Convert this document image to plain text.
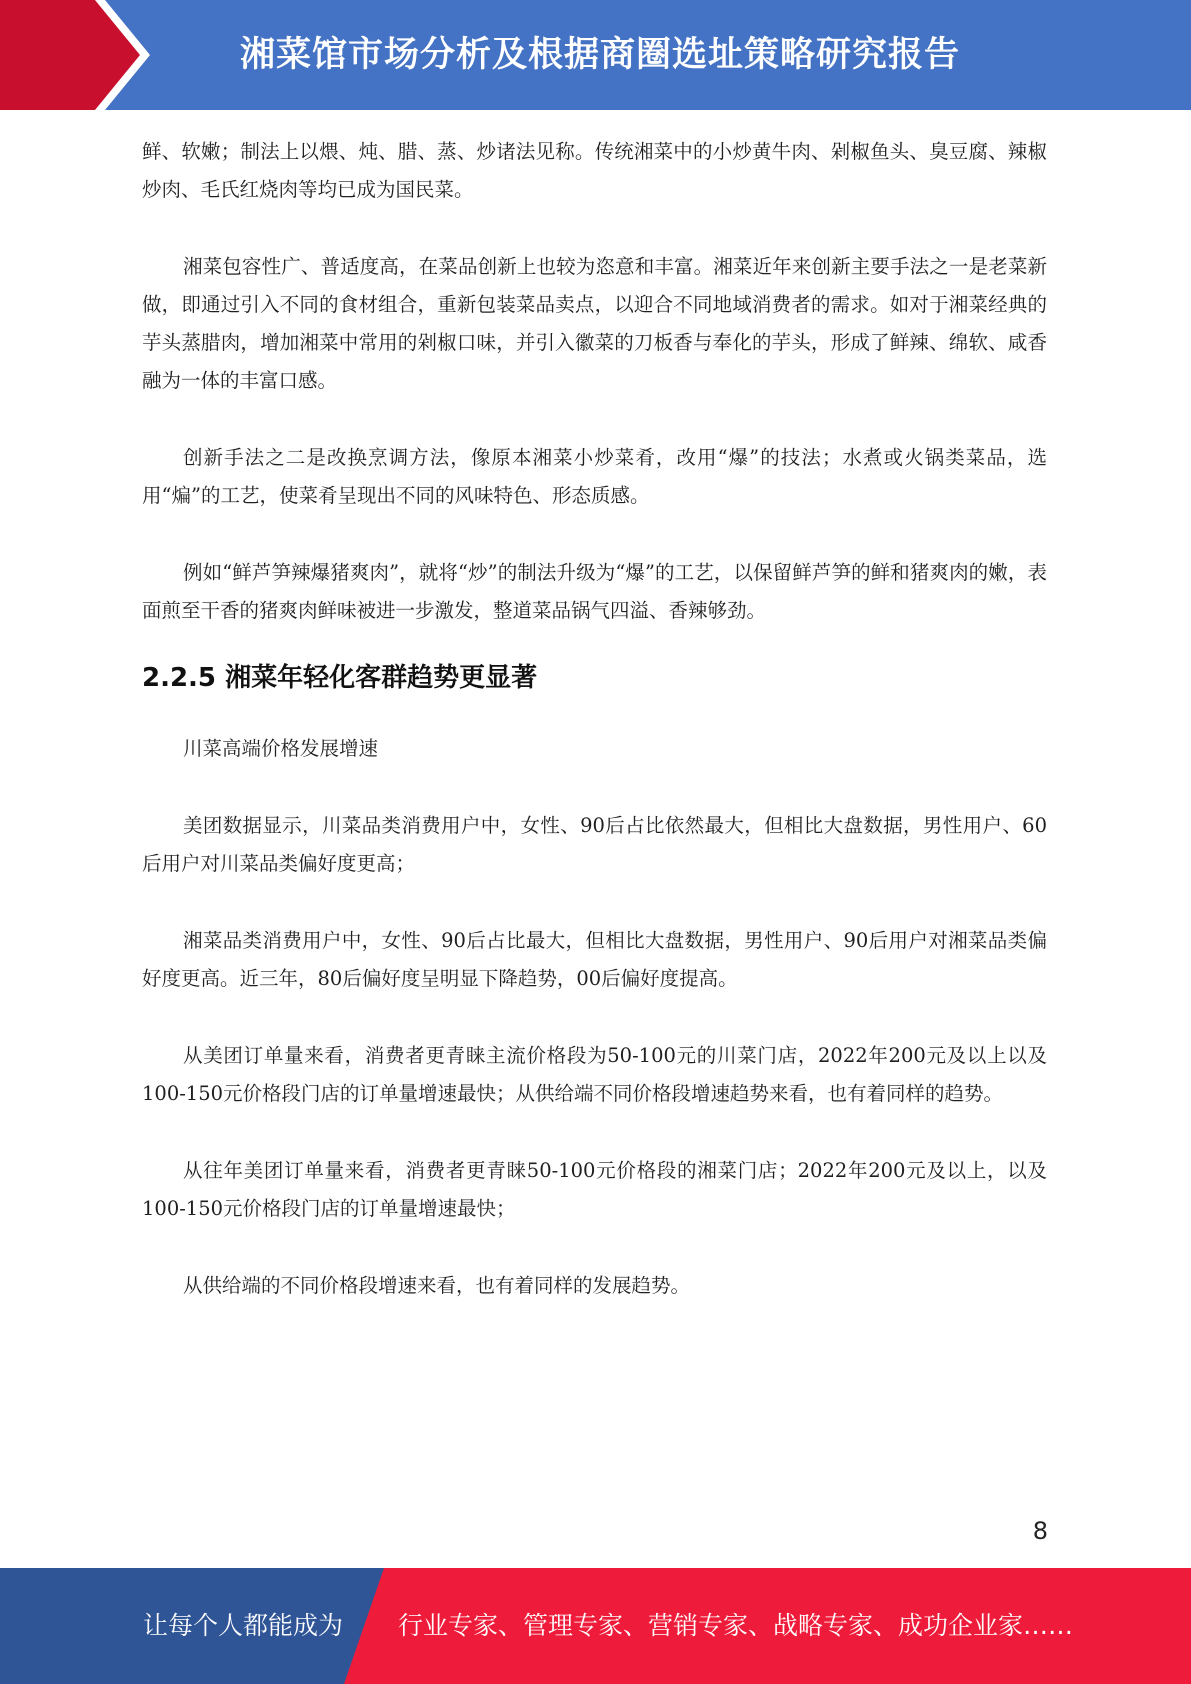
湘菜馆市场分析及根据商圈选址策略研究报告

鲜、软嫩；制法上以煨、炖、腊、蒸、炒诸法见称。传统湘菜中的小炒黄牛肉、剁椒鱼头、臭豆腐、辣椒炒肉、毛氏红烧肉等均已成为国民菜。

湘菜包容性广、普适度高，在菜品创新上也较为恣意和丰富。湘菜近年来创新主要手法之一是老菜新做，即通过引入不同的食材组合，重新包装菜品卖点，以迎合不同地域消费者的需求。如对于湘菜经典的芋头蒸腊肉，增加湘菜中常用的剁椒口味，并引入徽菜的刀板香与奉化的芋头，形成了鲜辣、绵软、咸香融为一体的丰富口感。

创新手法之二是改换烹调方法，像原本湘菜小炒菜肴，改用“爆”的技法；水煮或火锅类菜品，选用“煸”的工艺，使菜肴呈现出不同的风味特色、形态质感。

例如“鲜芦笋辣爆猪爽肉”，就将“炒”的制法升级为“爆”的工艺，以保留鲜芦笋的鲜和猪爽肉的嫩，表面煎至干香的猪爽肉鲜味被进一步激发，整道菜品锅气四溢、香辣够劲。

2.2.5 湘菜年轻化客群趋势更显著

川菜高端价格发展增速

美团数据显示，川菜品类消费用户中，女性、90后占比依然最大，但相比大盘数据，男性用户、60后用户对川菜品类偏好度更高；

湘菜品类消费用户中，女性、90后占比最大，但相比大盘数据，男性用户、90后用户对湘菜品类偏好度更高。近三年，80后偏好度呈明显下降趋势，00后偏好度提高。

从美团订单量来看，消费者更青睐主流价格段为50-100元的川菜门店，2022年200元及以上以及100-150元价格段门店的订单量增速最快；从供给端不同价格段增速趋势来看，也有着同样的趋势。

从往年美团订单量来看，消费者更青睐50-100元价格段的湘菜门店；2022年200元及以上，以及100-150元价格段门店的订单量增速最快；

从供给端的不同价格段增速来看，也有着同样的发展趋势。

8
让每个人都能成为 行业专家、管理专家、营销专家、战略专家、成功企业家……
